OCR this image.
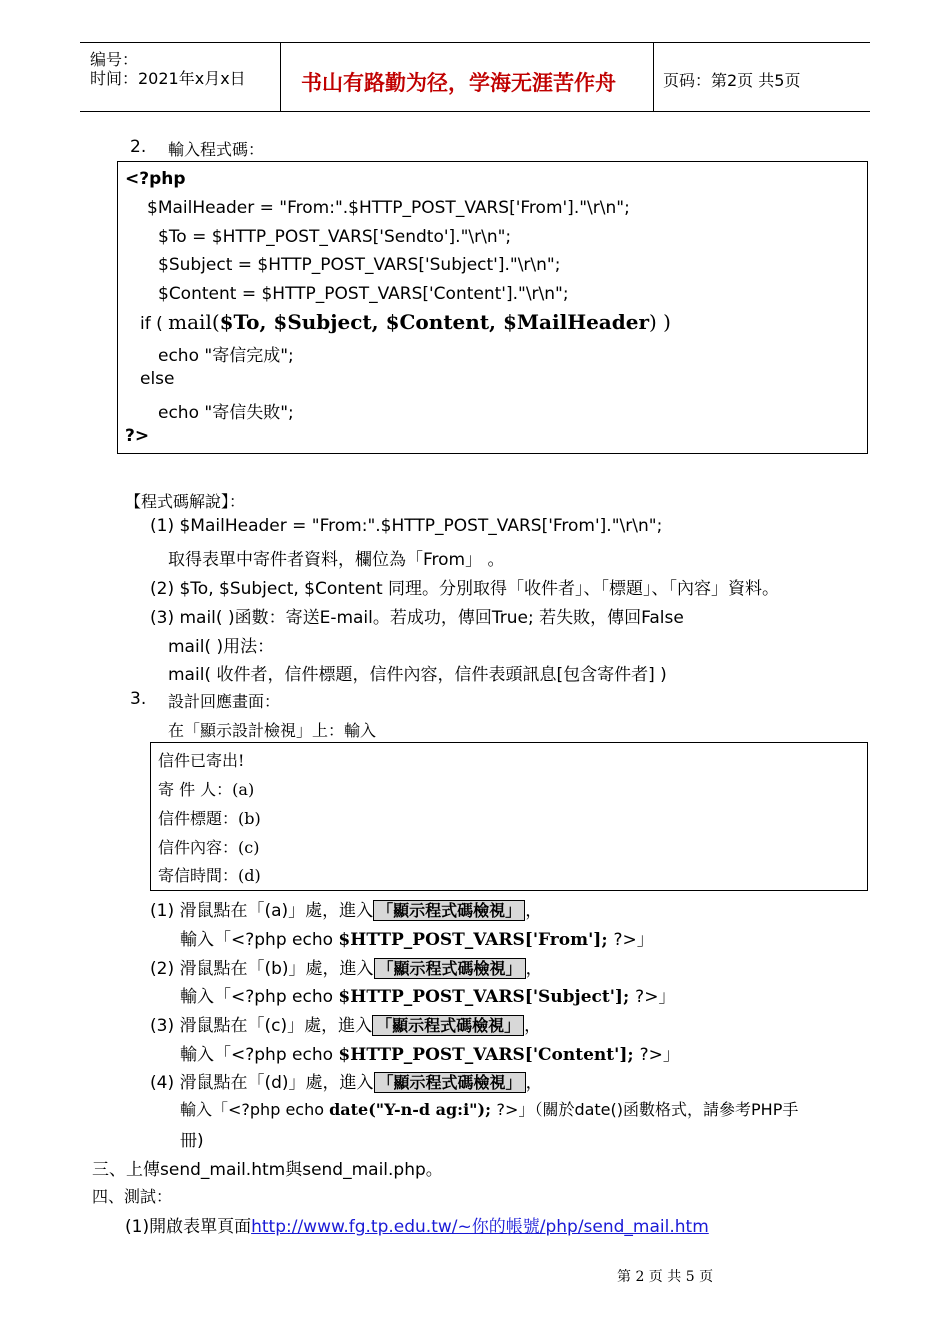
编号：
时间：2021年x月x日	书山有路勤为径，学海无涯苦作舟	页码：第2页 共5页
2. 輸入程式碼：
<?php
$MailHeader = "From:".$HTTP_POST_VARS['From']."\r\n";
$To = $HTTP_POST_VARS['Sendto']."\r\n";
$Subject = $HTTP_POST_VARS['Subject']."\r\n";
$Content = $HTTP_POST_VARS['Content']."\r\n";
if ( mail($To, $Subject, $Content, $MailHeader) )
echo "寄信完成";
else
echo "寄信失敗";
?>
【程式碼解說】：
(1) $MailHeader = "From:".$HTTP_POST_VARS['From']."\r\n";
取得表單中寄件者資料，欄位為「From」 。
(2) $To, $Subject, $Content 同理。分別取得「收件者」、「標題」、「內容」資料。
(3) mail( )函數：寄送E-mail。若成功，傳回True; 若失敗，傳回False
mail( )用法：
mail( 收件者，信件標題，信件內容，信件表頭訊息[包含寄件者] )
3. 設計回應畫面：
在「顯示設計檢視」上：輸入
信件已寄出!
寄 件 人：(a)
信件標題：(b)
信件內容：(c)
寄信時間：(d)
(1) 滑鼠點在「(a)」處，進入 「顯示程式碼檢視」 ，
輸入「<?php echo $HTTP_POST_VARS['From']; ?>」
(2) 滑鼠點在「(b)」處，進入 「顯示程式碼檢視」 ，
輸入「<?php echo $HTTP_POST_VARS['Subject']; ?>」
(3) 滑鼠點在「(c)」處，進入 「顯示程式碼檢視」 ，
輸入「<?php echo $HTTP_POST_VARS['Content']; ?>」
(4) 滑鼠點在「(d)」處，進入 「顯示程式碼檢視」 ，
輸入「<?php echo date("Y-n-d ag:i"); ?>」（關於date()函數格式，請參考PHP手
冊)
三、上傳send_mail.htm與send_mail.php。
四、測試：
(1)開啟表單頁面http://www.fg.tp.edu.tw/~你的帳號/php/send_mail.htm
第 2 页 共 5 页
